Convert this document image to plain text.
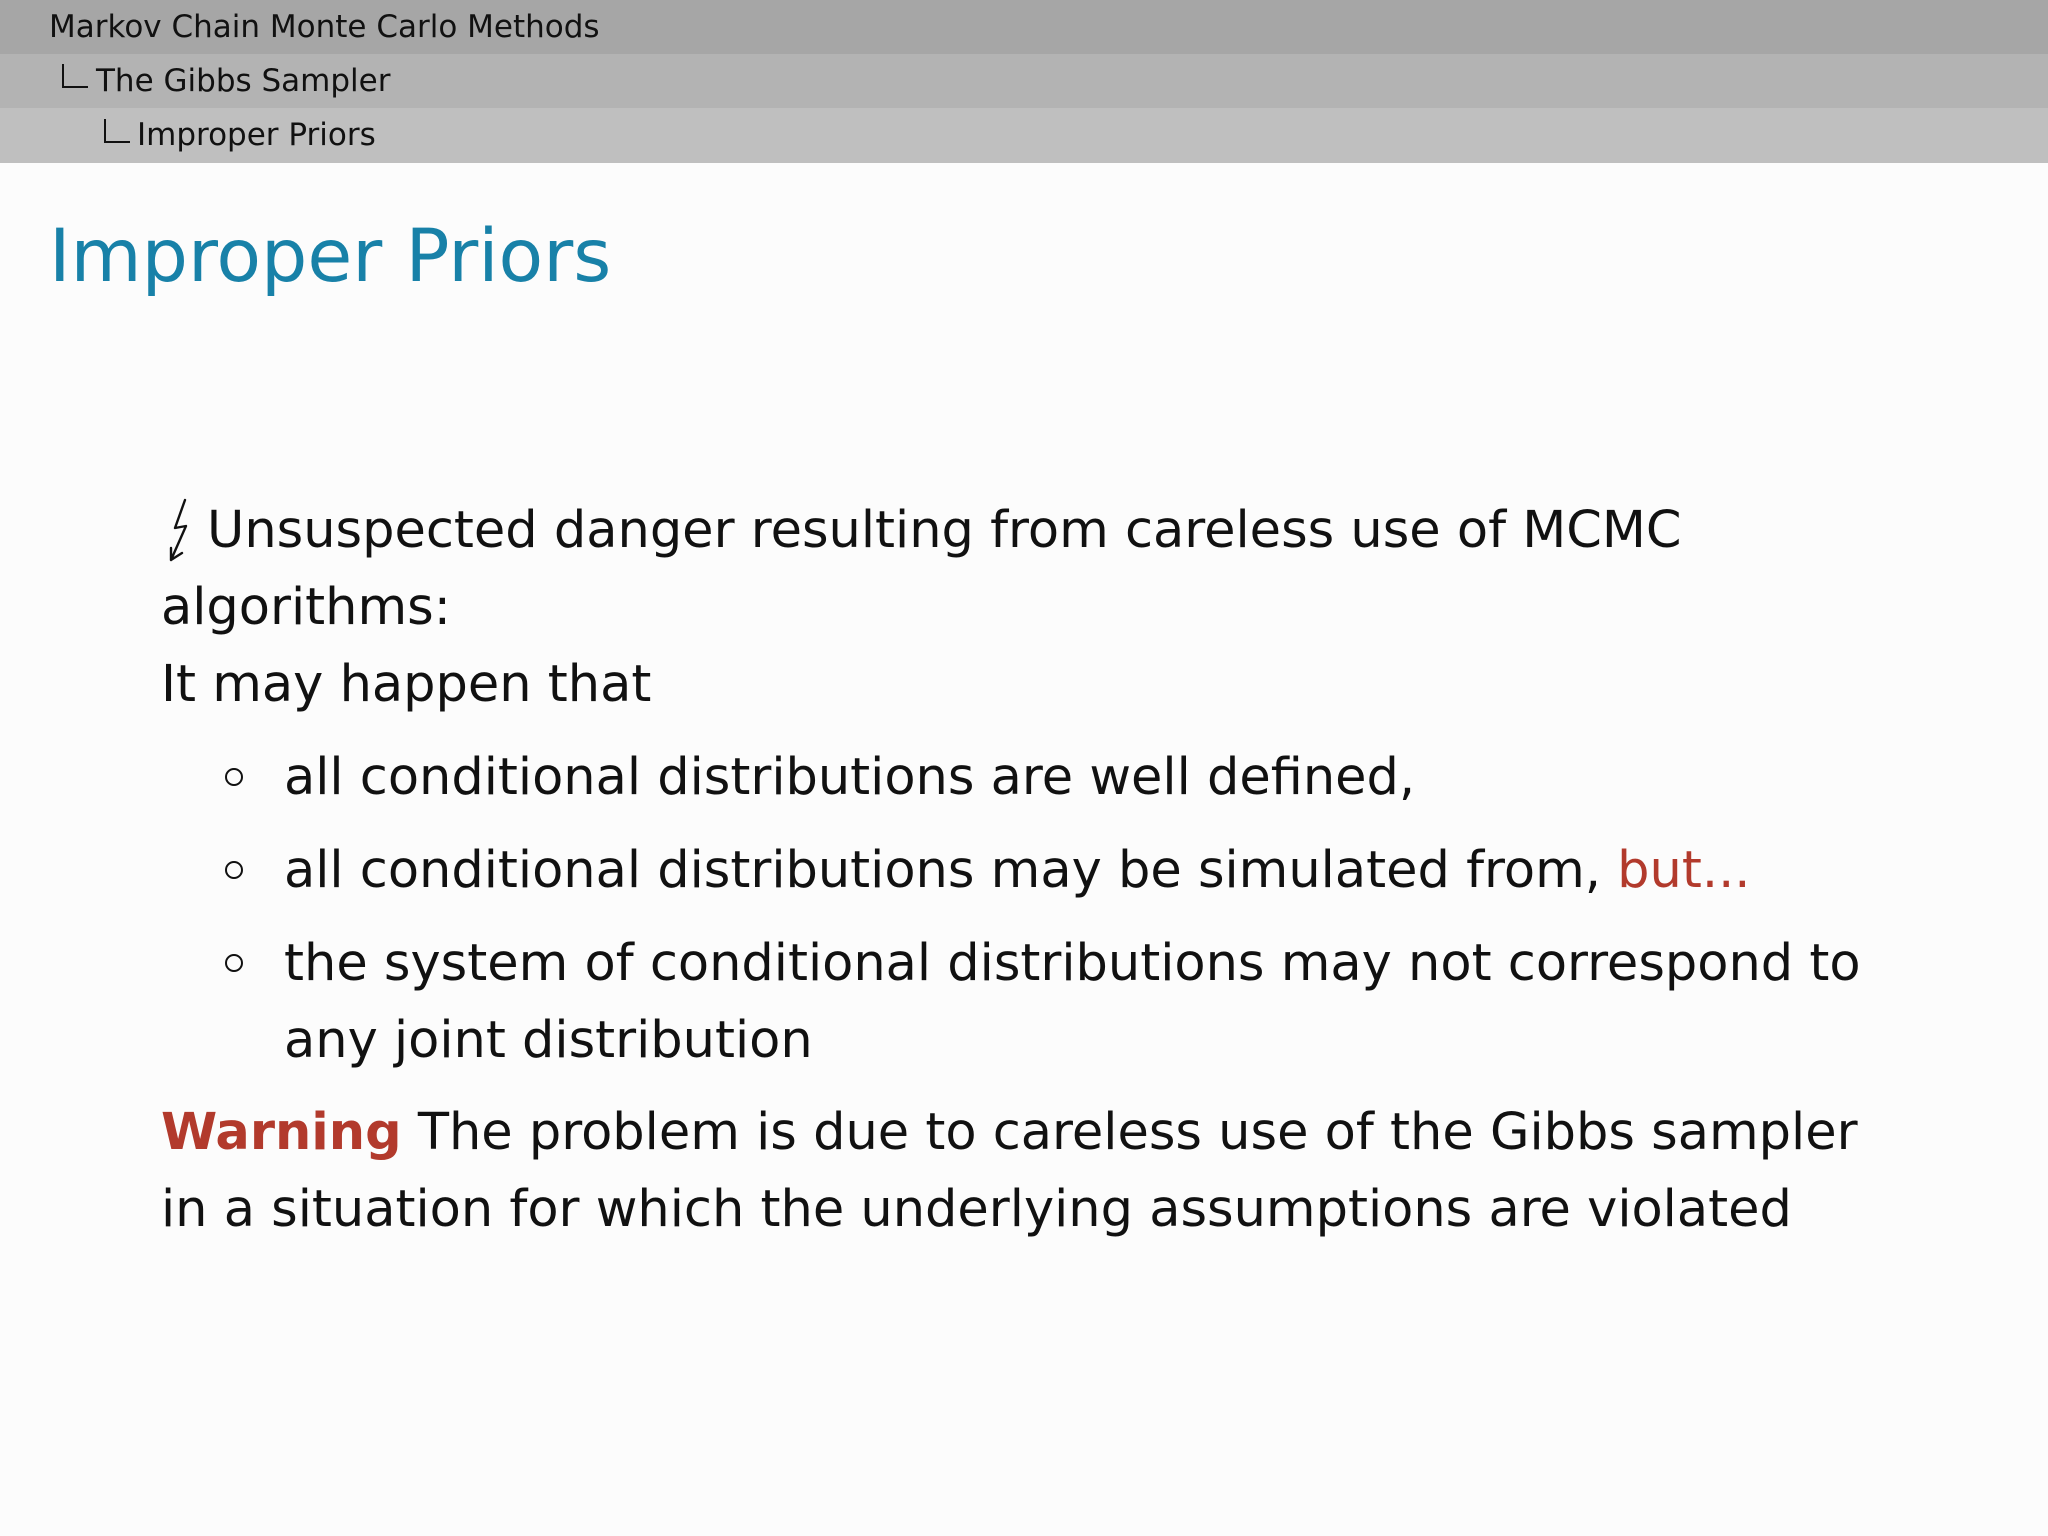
Markov Chain Monte Carlo Methods
The Gibbs Sampler
Improper Priors
Improper Priors
Unsuspected danger resulting from careless use of MCMC
algorithms:
It may happen that
all conditional distributions are well defined,
all conditional distributions may be simulated from, but...
the system of conditional distributions may not correspond to
any joint distribution
Warning The problem is due to careless use of the Gibbs sampler
in a situation for which the underlying assumptions are violated
